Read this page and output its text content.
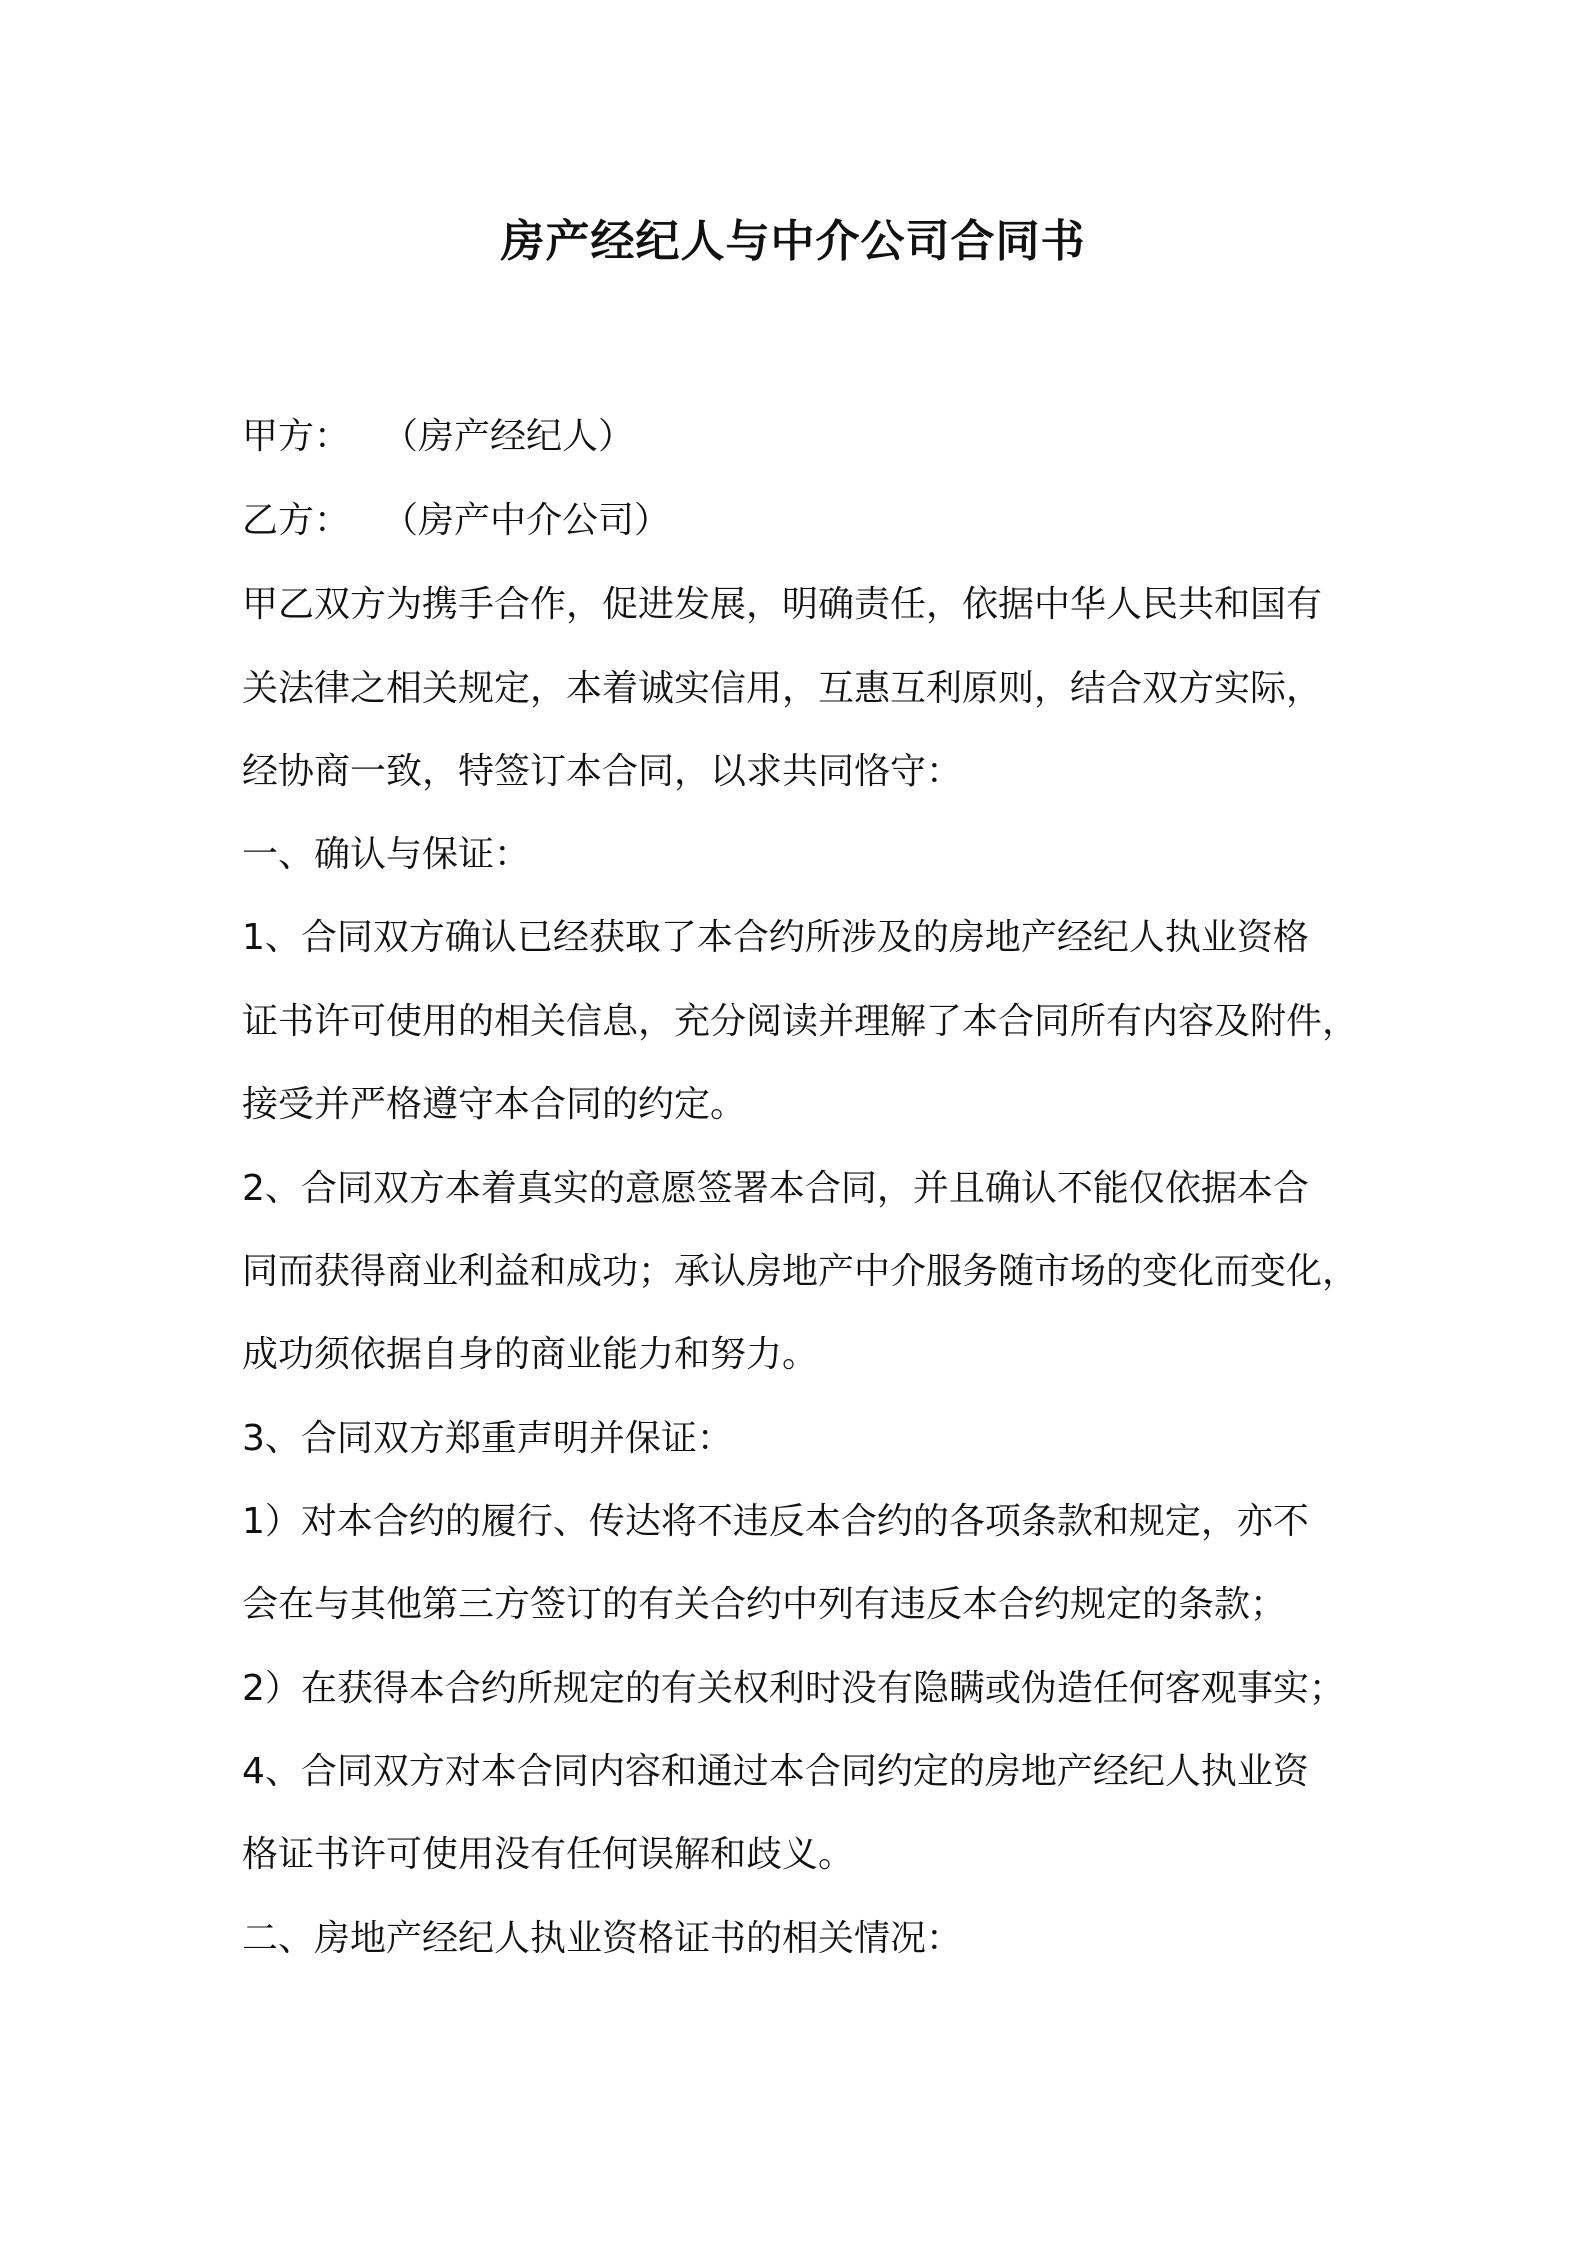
房产经纪人与中介公司合同书

甲方： （房产经纪人）

乙方： （房产中介公司）

甲乙双方为携手合作，促进发展，明确责任，依据中华人民共和国有

关法律之相关规定，本着诚实信用，互惠互利原则，结合双方实际，

经协商一致，特签订本合同，以求共同恪守：

一、确认与保证：

1、合同双方确认已经获取了本合约所涉及的房地产经纪人执业资格

证书许可使用的相关信息，充分阅读并理解了本合同所有内容及附件，

接受并严格遵守本合同的约定。

2、合同双方本着真实的意愿签署本合同，并且确认不能仅依据本合

同而获得商业利益和成功；承认房地产中介服务随市场的变化而变化，

成功须依据自身的商业能力和努力。

3、合同双方郑重声明并保证：

1）对本合约的履行、传达将不违反本合约的各项条款和规定，亦不

会在与其他第三方签订的有关合约中列有违反本合约规定的条款；

2）在获得本合约所规定的有关权利时没有隐瞒或伪造任何客观事实；

4、合同双方对本合同内容和通过本合同约定的房地产经纪人执业资

格证书许可使用没有任何误解和歧义。

二、房地产经纪人执业资格证书的相关情况：
